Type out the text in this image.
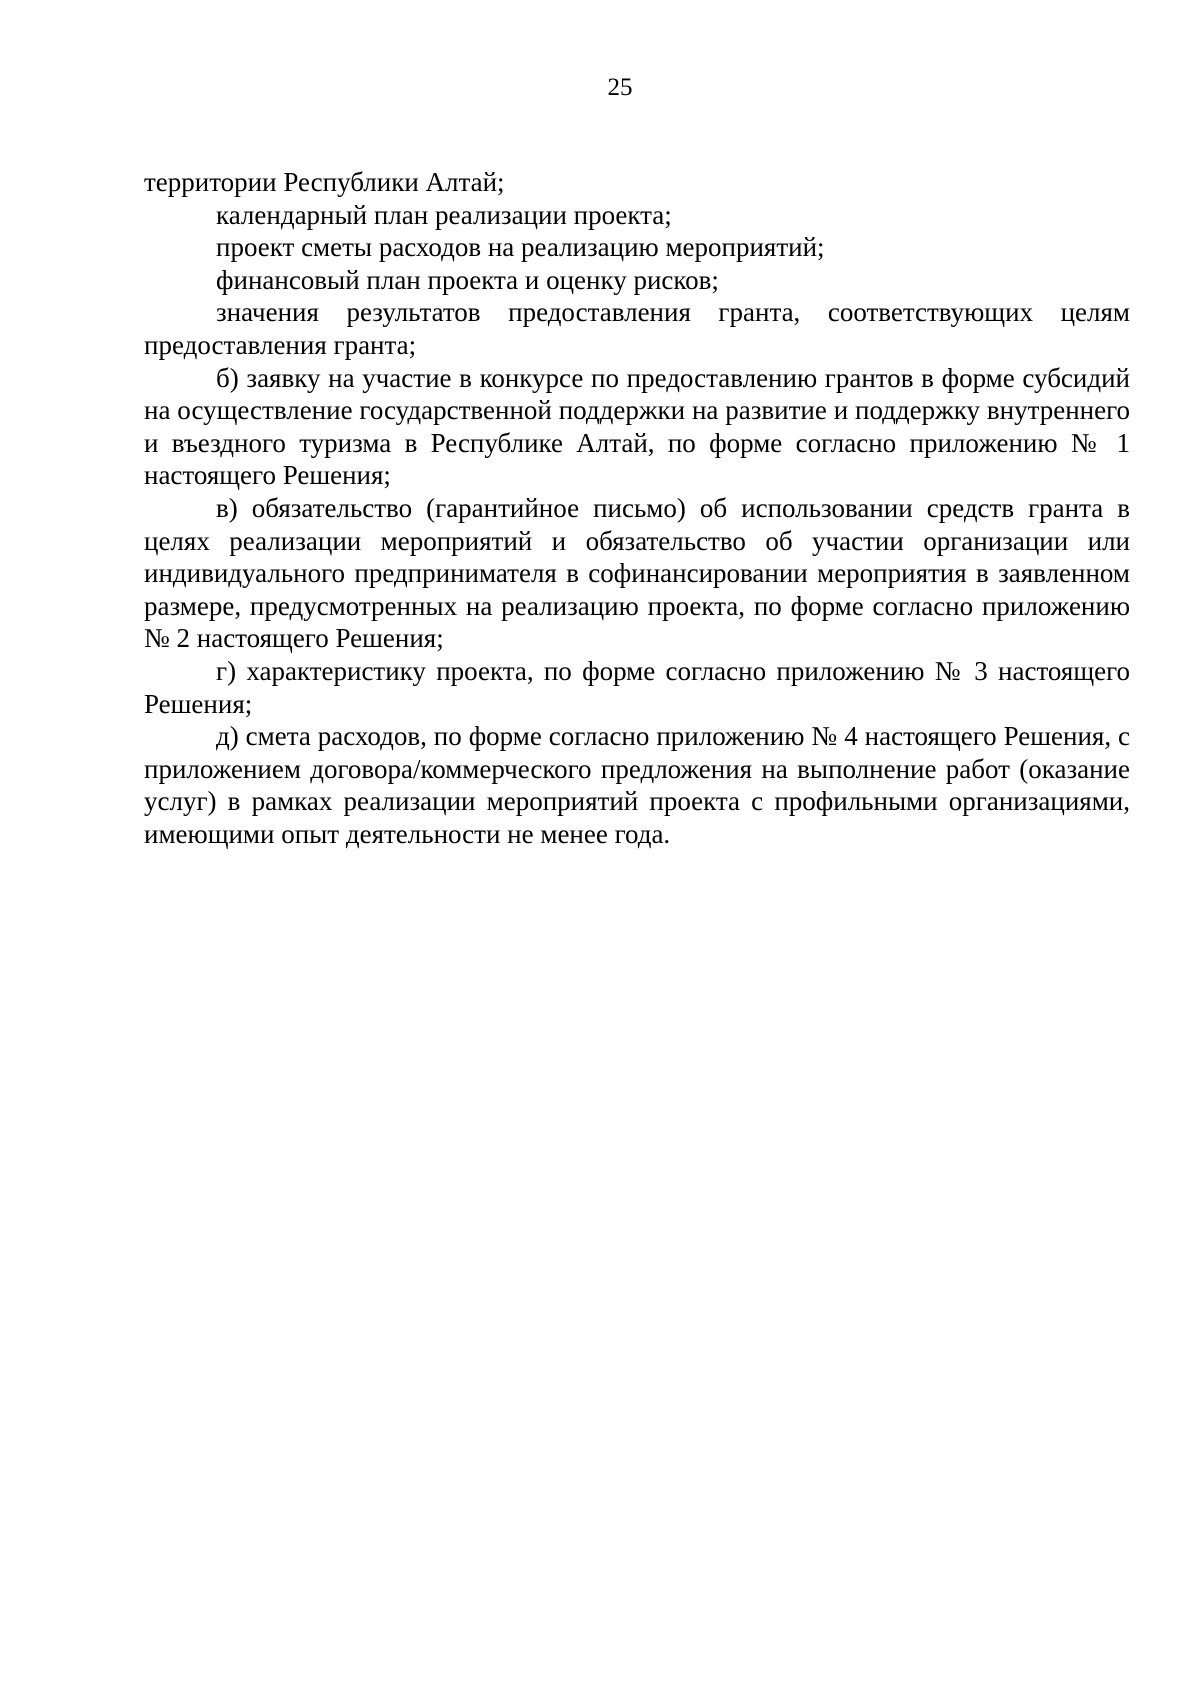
25

территории Республики Алтай;

календарный план реализации проекта;

проект сметы расходов на реализацию мероприятий;

финансовый план проекта и оценку рисков;

значения результатов предоставления гранта, соответствующих целям предоставления гранта;

б) заявку на участие в конкурсе по предоставлению грантов в форме субсидий на осуществление государственной поддержки на развитие и поддержку внутреннего и въездного туризма в Республике Алтай, по форме согласно приложению № 1 настоящего Решения;

в) обязательство (гарантийное письмо) об использовании средств гранта в целях реализации мероприятий и обязательство об участии организации или индивидуального предпринимателя в софинансировании мероприятия в заявленном размере, предусмотренных на реализацию проекта, по форме согласно приложению № 2 настоящего Решения;

г) характеристику проекта, по форме согласно приложению № 3 настоящего Решения;

д) смета расходов, по форме согласно приложению № 4 настоящего Решения, с приложением договора/коммерческого предложения на выполнение работ (оказание услуг) в рамках реализации мероприятий проекта с профильными организациями, имеющими опыт деятельности не менее года.
